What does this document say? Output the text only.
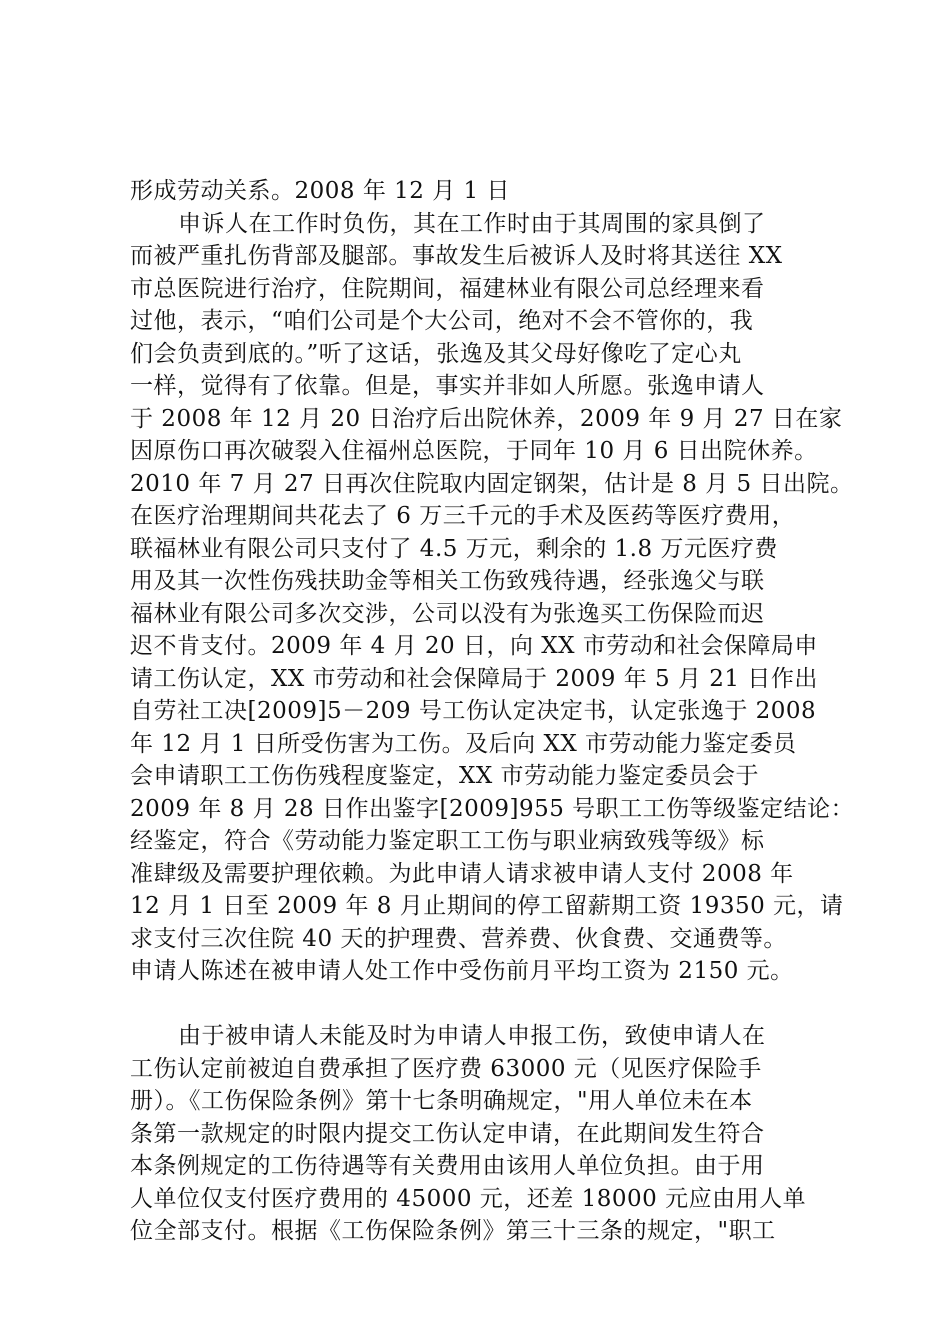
形成劳动关系。2008 年 12 月 1 日
申诉人在工作时负伤，其在工作时由于其周围的家具倒了
而被严重扎伤背部及腿部。事故发生后被诉人及时将其送往 XX
市总医院进行治疗，住院期间，福建林业有限公司总经理来看
过他，表示，“咱们公司是个大公司，绝对不会不管你的，我
们会负责到底的。”听了这话，张逸及其父母好像吃了定心丸
一样，觉得有了依靠。但是，事实并非如人所愿。张逸申请人
于 2008 年 12 月 20 日治疗后出院休养，2009 年 9 月 27 日在家
因原伤口再次破裂入住福州总医院，于同年 10 月 6 日出院休养。
2010 年 7 月 27 日再次住院取内固定钢架，估计是 8 月 5 日出院。
在医疗治理期间共花去了 6 万三千元的手术及医药等医疗费用，
联福林业有限公司只支付了 4.5 万元，剩余的 1.8 万元医疗费
用及其一次性伤残扶助金等相关工伤致残待遇，经张逸父与联
福林业有限公司多次交涉，公司以没有为张逸买工伤保险而迟
迟不肯支付。2009 年 4 月 20 日，向 XX 市劳动和社会保障局申
请工伤认定，XX 市劳动和社会保障局于 2009 年 5 月 21 日作出
自劳社工决[2009]5－209 号工伤认定决定书，认定张逸于 2008
年 12 月 1 日所受伤害为工伤。及后向 XX 市劳动能力鉴定委员
会申请职工工伤伤残程度鉴定，XX 市劳动能力鉴定委员会于
2009 年 8 月 28 日作出鉴字[2009]955 号职工工伤等级鉴定结论：
经鉴定，符合《劳动能力鉴定职工工伤与职业病致残等级》标
准肆级及需要护理依赖。为此申请人请求被申请人支付 2008 年
12 月 1 日至 2009 年 8 月止期间的停工留薪期工资 19350 元，请
求支付三次住院 40 天的护理费、营养费、伙食费、交通费等。
申请人陈述在被申请人处工作中受伤前月平均工资为 2150 元。
由于被申请人未能及时为申请人申报工伤，致使申请人在
工伤认定前被迫自费承担了医疗费 63000 元（见医疗保险手
册）。《工伤保险条例》第十七条明确规定，"用人单位未在本
条第一款规定的时限内提交工伤认定申请，在此期间发生符合
本条例规定的工伤待遇等有关费用由该用人单位负担。由于用
人单位仅支付医疗费用的 45000 元，还差 18000 元应由用人单
位全部支付。根据《工伤保险条例》第三十三条的规定，"职工
